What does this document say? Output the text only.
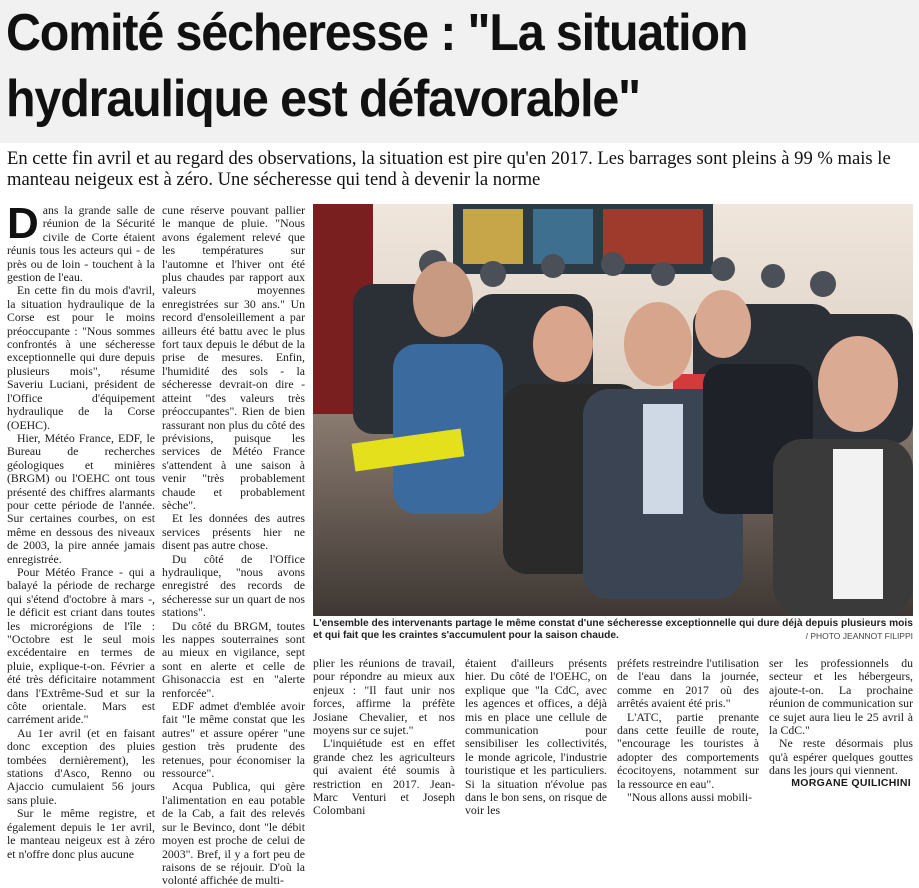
Comité sécheresse : "La situation hydraulique est défavorable"

En cette fin avril et au regard des observations, la situation est pire qu'en 2017. Les barrages sont pleins à 99 % mais le manteau neigeux est à zéro. Une sécheresse qui tend à devenir la norme

D ans la grande salle de réunion de la Sécurité civile de Corte étaient réunis tous les acteurs qui - de près ou de loin - touchent à la gestion de l'eau.

En cette fin du mois d'avril, la situation hydraulique de la Corse est pour le moins préoccupante : "Nous sommes confrontés à une sécheresse exceptionnelle qui dure depuis plusieurs mois", résume Saveriu Luciani, président de l'Office d'équipement hydraulique de la Corse (OEHC).

Hier, Météo France, EDF, le Bureau de recherches géologiques et minières (BRGM) ou l'OEHC ont tous présenté des chiffres alarmants pour cette période de l'année. Sur certaines courbes, on est même en dessous des niveaux de 2003, la pire année jamais enregistrée.

Pour Météo France - qui a balayé la période de recharge qui s'étend d'octobre à mars -, le déficit est criant dans toutes les microrégions de l'île : "Octobre est le seul mois excédentaire en termes de pluie, explique-t-on. Février a été très déficitaire notamment dans l'Extrême-Sud et sur la côte orientale. Mars est carrément aride."

Au 1er avril (et en faisant donc exception des pluies tombées dernièrement), les stations d'Asco, Renno ou Ajaccio cumulaient 56 jours sans pluie.

Sur le même registre, et également depuis le 1er avril, le manteau neigeux est à zéro et n'offre donc plus aucune

cune réserve pouvant pallier le manque de pluie. "Nous avons également relevé que les températures sur l'automne et l'hiver ont été plus chaudes par rapport aux valeurs moyennes enregistrées sur 30 ans." Un record d'ensoleillement a par ailleurs été battu avec le plus fort taux depuis le début de la prise de mesures. Enfin, l'humidité des sols - la sécheresse devrait-on dire - atteint "des valeurs très préoccupantes". Rien de bien rassurant non plus du côté des prévisions, puisque les services de Météo France s'attendent à une saison à venir "très probablement chaude et probablement sèche".

Et les données des autres services présents hier ne disent pas autre chose.

Du côté de l'Office hydraulique, "nous avons enregistré des records de sécheresse sur un quart de nos stations".

Du côté du BRGM, toutes les nappes souterraines sont au mieux en vigilance, sept sont en alerte et celle de Ghisonaccia est en "alerte renforcée".

EDF admet d'emblée avoir fait "le même constat que les autres" et assure opérer "une gestion très prudente des retenues, pour économiser la ressource".

Acqua Publica, qui gère l'alimentation en eau potable de la Cab, a fait des relevés sur le Bevinco, dont "le débit moyen est proche de celui de 2003". Bref, il y a fort peu de raisons de se réjouir. D'où la volonté affichée de multi-

L'ensemble des intervenants partage le même constat d'une sécheresse exceptionnelle qui dure déjà depuis plusieurs mois et qui fait que les craintes s'accumulent pour la saison chaude.	/ PHOTO JEANNOT FILIPPI

plier les réunions de travail, pour répondre au mieux aux enjeux : "Il faut unir nos forces, affirme la préfète Josiane Chevalier, et nos moyens sur ce sujet."

L'inquiétude est en effet grande chez les agriculteurs qui avaient été soumis à restriction en 2017. Jean-Marc Venturi et Joseph Colombani

étaient d'ailleurs présents hier. Du côté de l'OEHC, on explique que "la CdC, avec les agences et offices, a déjà mis en place une cellule de communication pour sensibiliser les collectivités, le monde agricole, l'industrie touristique et les particuliers. Si la situation n'évolue pas dans le bon sens, on risque de voir les

préfets restreindre l'utilisation de l'eau dans la journée, comme en 2017 où des arrêtés avaient été pris."

L'ATC, partie prenante dans cette feuille de route, "encourage les touristes à adopter des comportements écocitoyens, notamment sur la ressource en eau".

"Nous allons aussi mobili-

ser les professionnels du secteur et les hébergeurs, ajoute-t-on. La prochaine réunion de communication sur ce sujet aura lieu le 25 avril à la CdC."

Ne reste désormais plus qu'à espérer quelques gouttes dans les jours qui viennent.

MORGANE QUILICHINI
